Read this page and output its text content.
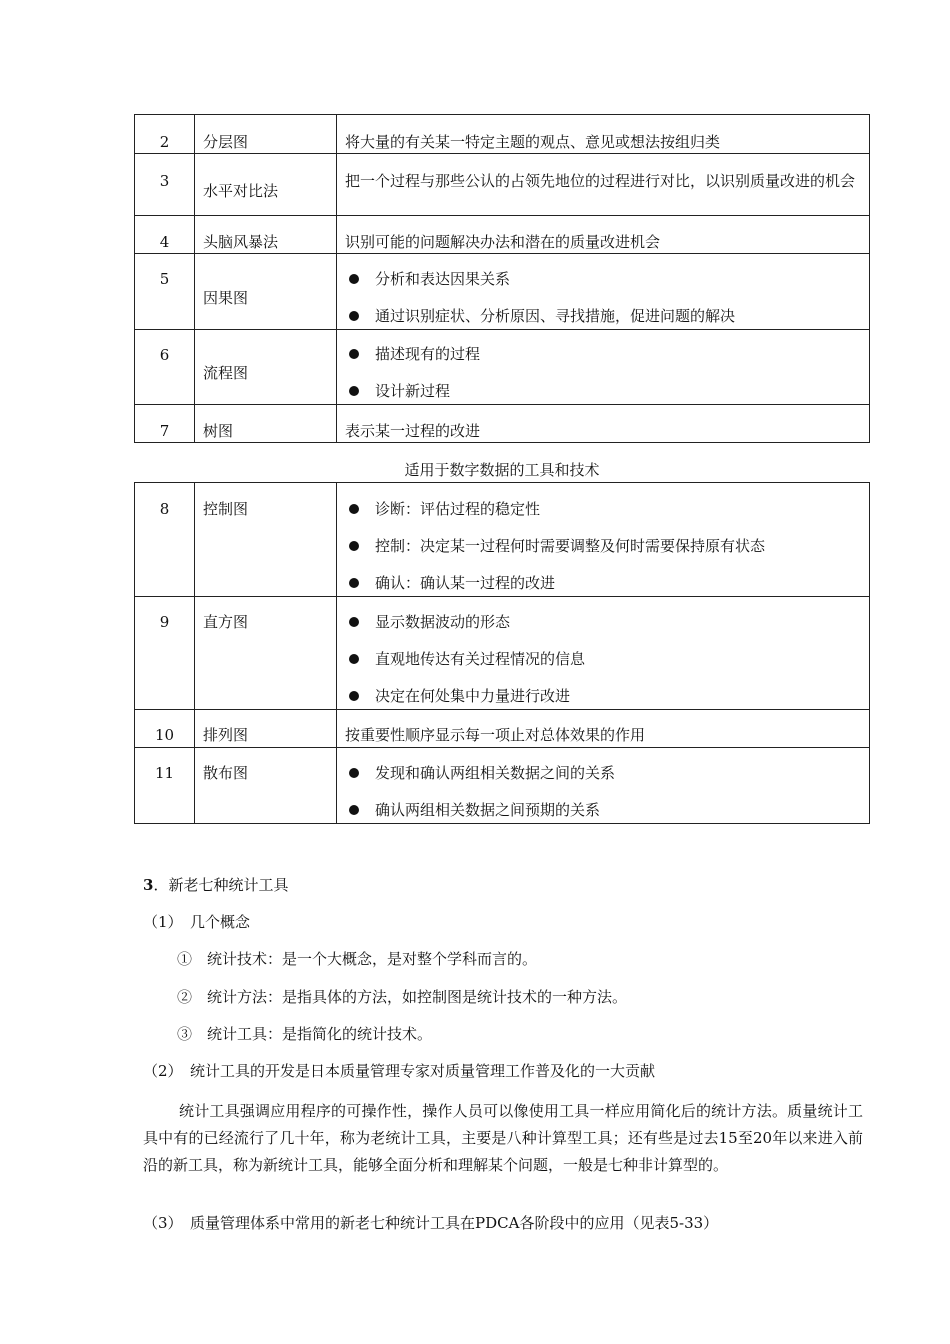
2	分层图	将大量的有关某一特定主题的观点、意见或想法按组归类

3	水平对比法	把一个过程与那些公认的占领先地位的过程进行对比，以识别质量改进的机会

4	头脑风暴法	识别可能的问题解决办法和潜在的质量改进机会

5	因果图	分析和表达因果关系
通过识别症状、分析原因、寻找措施，促进问题的解决

6	流程图	描述现有的过程
设计新过程

7	树图	表示某一过程的改进
适用于数字数据的工具和技术
8	控制图	诊断：评估过程的稳定性
控制：决定某一过程何时需要调整及何时需要保持原有状态
确认：确认某一过程的改进

9	直方图	显示数据波动的形态
直观地传达有关过程情况的信息
决定在何处集中力量进行改进

10	排列图	按重要性顺序显示每一项止对总体效果的作用

11	散布图	发现和确认两组相关数据之间的关系
确认两组相关数据之间预期的关系
3．新老七种统计工具
（1）　几个概念
①　统计技术：是一个大概念，是对整个学科而言的。
②　统计方法：是指具体的方法，如控制图是统计技术的一种方法。
③　统计工具：是指简化的统计技术。
（2）　统计工具的开发是日本质量管理专家对质量管理工作普及化的一大贡献
统计工具强调应用程序的可操作性，操作人员可以像使用工具一样应用简化后的统计方法。质量统计工具中有的已经流行了几十年，称为老统计工具，主要是八种计算型工具；还有些是过去15至20年以来进入前沿的新工具，称为新统计工具，能够全面分析和理解某个问题，一般是七种非计算型的。
（3）　质量管理体系中常用的新老七种统计工具在PDCA各阶段中的应用（见表5-33）
